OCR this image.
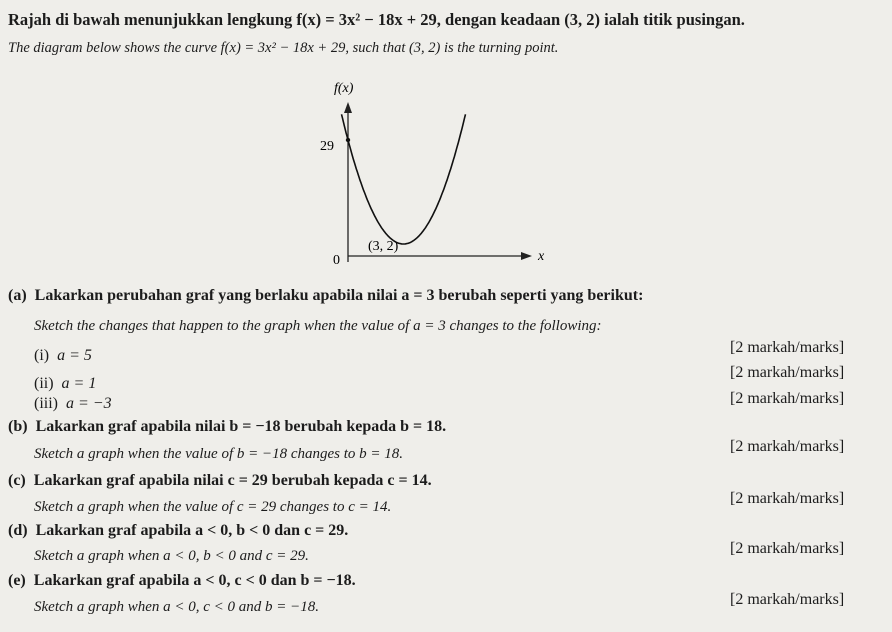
Rajah di bawah menunjukkan lengkung f(x) = 3x² − 18x + 29, dengan keadaan (3, 2) ialah titik pusingan.
The diagram below shows the curve f(x) = 3x² − 18x + 29, such that (3, 2) is the turning point.
f(x)
x
29
0
(3, 2)
(a) Lakarkan perubahan graf yang berlaku apabila nilai a = 3 berubah seperti yang berikut:
Sketch the changes that happen to the graph when the value of a = 3 changes to the following:
(i) a = 5	[2 markah/marks]
(ii) a = 1
[2 markah/marks]
(iii) a = −3	[2 markah/marks]
(b) Lakarkan graf apabila nilai b = −18 berubah kepada b = 18.
Sketch a graph when the value of b = −18 changes to b = 18.	[2 markah/marks]
(c) Lakarkan graf apabila nilai c = 29 berubah kepada c = 14.
Sketch a graph when the value of c = 29 changes to c = 14.	[2 markah/marks]
(d) Lakarkan graf apabila a < 0, b < 0 dan c = 29.
Sketch a graph when a < 0, b < 0 and c = 29.	[2 markah/marks]
(e) Lakarkan graf apabila a < 0, c < 0 dan b = −18.
Sketch a graph when a < 0, c < 0 and b = −18.	[2 markah/marks]
